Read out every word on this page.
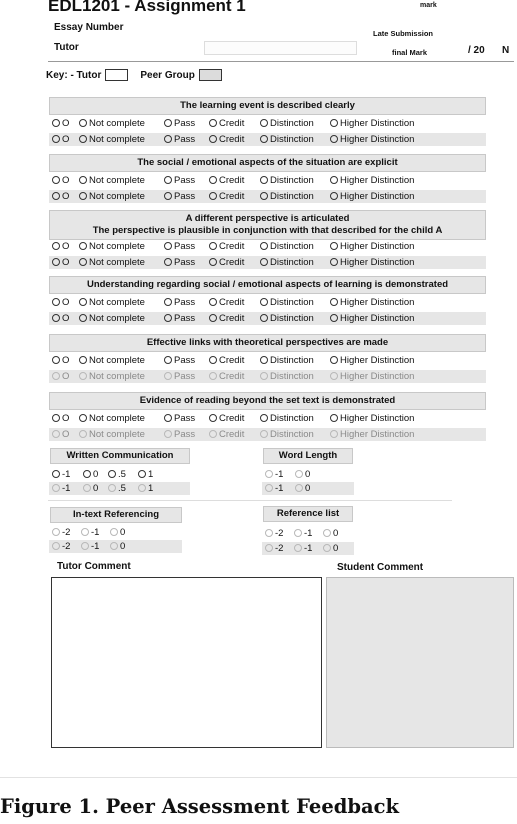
EDL1201 - Assignment 1	mark
Essay Number
Late Submission
Tutor	final Mark	/ 20 N
Key: - Tutor	Peer Group
The learning event is described clearly
O	Not complete	Pass	Credit	Distinction	Higher Distinction
O	Not complete	Pass	Credit	Distinction	Higher Distinction
The social / emotional aspects of the situation are explicit
O	Not complete	Pass	Credit	Distinction	Higher Distinction
O	Not complete	Pass	Credit	Distinction	Higher Distinction
A different perspective is articulated
The perspective is plausible in conjunction with that described for the child A
O	Not complete	Pass	Credit	Distinction	Higher Distinction
O	Not complete	Pass	Credit	Distinction	Higher Distinction
Understanding regarding social / emotional aspects of learning is demonstrated
O	Not complete	Pass	Credit	Distinction	Higher Distinction
O	Not complete	Pass	Credit	Distinction	Higher Distinction
Effective links with theoretical perspectives are made
O	Not complete	Pass	Credit	Distinction	Higher Distinction
O	Not complete	Pass	Credit	Distinction	Higher Distinction
Evidence of reading beyond the set text is demonstrated
O	Not complete	Pass	Credit	Distinction	Higher Distinction
O	Not complete	Pass	Credit	Distinction	Higher Distinction
Written Communication
-1	0	.5	1
-1	0	.5	1
Word Length
-1	0
-1	0
In-text Referencing
-2	-1	0
-2	-1	0
Reference list
-2	-1	0
-2	-1	0
Tutor Comment	Student Comment
Figure 1. Peer Assessment Feedback
